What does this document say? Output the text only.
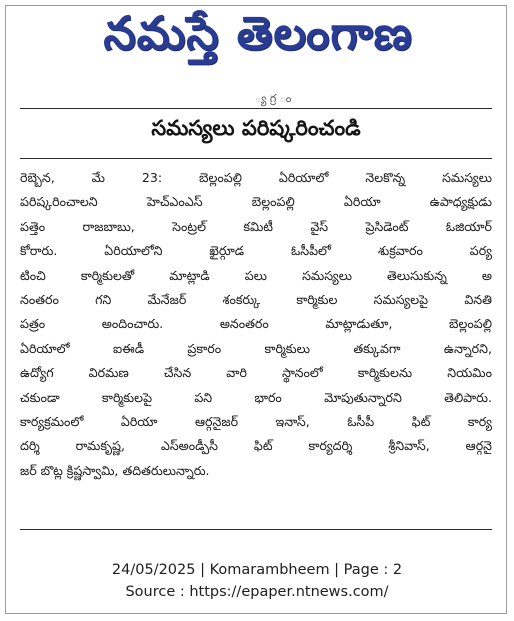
నమస్తే తెలంగాణ
్య గ్ర ం
సమస్యలు పరిష్కరించండి
రెబ్బెన, మే 23: బెల్లంపల్లి ఏరియాలో నెలకొన్న సమస్యలు
పరిష్కరించాలని హెచ్ఎంఎస్ బెల్లంపల్లి ఏరియా ఉపాధ్యక్షుడు
పత్తెం రాజబాబు, సెంట్రల్ కమిటీ వైస్ ప్రెసిడెంట్ ఓజియార్
కోరారు. ఏరియాలోని ఖైర్గూడ ఓసీపీలో శుక్రవారం పర్య
టించి కార్మికులతో మాట్లాడి పలు సమస్యలు తెలుసుకున్న అ
నంతరం గని మేనేజర్ శంకర్కు కార్మికుల సమస్యలపై వినతి
పత్రం అందించారు. అనంతరం మాట్లాడుతూ, బెల్లంపల్లి
ఏరియాలో ఐఈడీ ప్రకారం కార్మికులు తక్కువగా ఉన్నారని,
ఉద్యోగ విరమణ చేసిన వారి స్థానంలో కార్మికులను నియమిం
చకుండా కార్మికులపై పని భారం మోపుతున్నారని తెలిపారు.
కార్యక్రమంలో ఏరియా ఆర్గనైజర్ ఇనాస్, ఓసీపీ ఫిట్ కార్య
దర్శి రామకృష్ణ, ఎస్అండ్పీసీ ఫిట్ కార్యదర్శి శ్రీనివాస్, ఆర్గనై
జర్ బొట్ల క్రిష్ణస్వామి, తదితరులున్నారు.
24/05/2025 | Komarambheem | Page : 2
Source : https://epaper.ntnews.com/
